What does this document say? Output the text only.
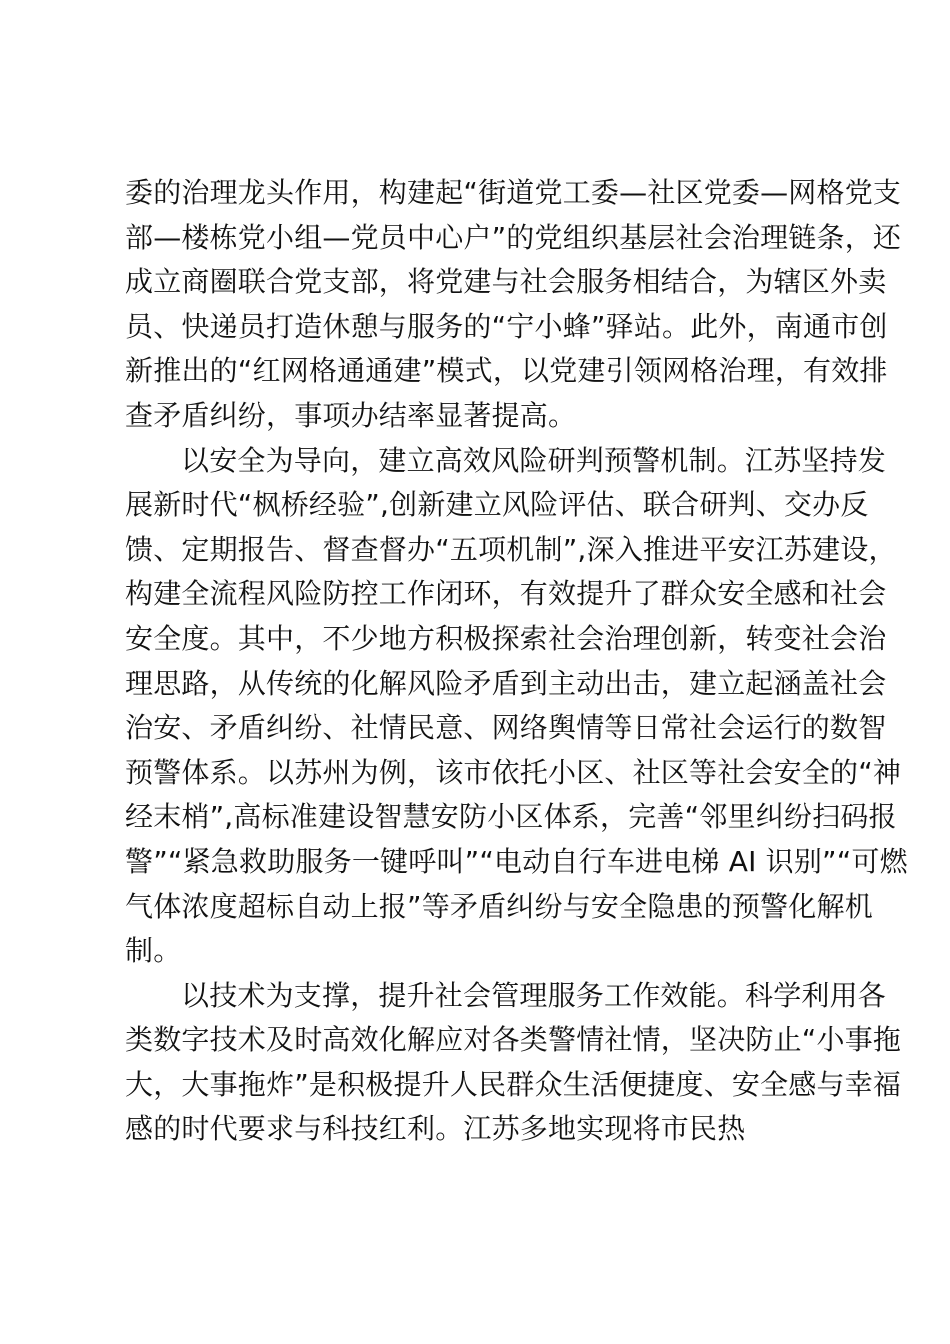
委的治理龙头作用，构建起“街道党工委—社区党委—网格党支
部—楼栋党小组—党员中心户”的党组织基层社会治理链条，还
成立商圈联合党支部，将党建与社会服务相结合，为辖区外卖
员、快递员打造休憩与服务的“宁小蜂”驿站。此外，南通市创
新推出的“红网格通通建”模式，以党建引领网格治理，有效排
查矛盾纠纷，事项办结率显著提高。
以安全为导向，建立高效风险研判预警机制。江苏坚持发
展新时代“枫桥经验”,创新建立风险评估、联合研判、交办反
馈、定期报告、督查督办“五项机制”,深入推进平安江苏建设，
构建全流程风险防控工作闭环，有效提升了群众安全感和社会
安全度。其中，不少地方积极探索社会治理创新，转变社会治
理思路，从传统的化解风险矛盾到主动出击，建立起涵盖社会
治安、矛盾纠纷、社情民意、网络舆情等日常社会运行的数智
预警体系。以苏州为例，该市依托小区、社区等社会安全的“神
经末梢”,高标准建设智慧安防小区体系，完善“邻里纠纷扫码报
警”“紧急救助服务一键呼叫”“电动自行车进电梯 AI 识别”“可燃
气体浓度超标自动上报”等矛盾纠纷与安全隐患的预警化解机
制。
以技术为支撑，提升社会管理服务工作效能。科学利用各
类数字技术及时高效化解应对各类警情社情，坚决防止“小事拖
大，大事拖炸”是积极提升人民群众生活便捷度、安全感与幸福
感的时代要求与科技红利。江苏多地实现将市民热
